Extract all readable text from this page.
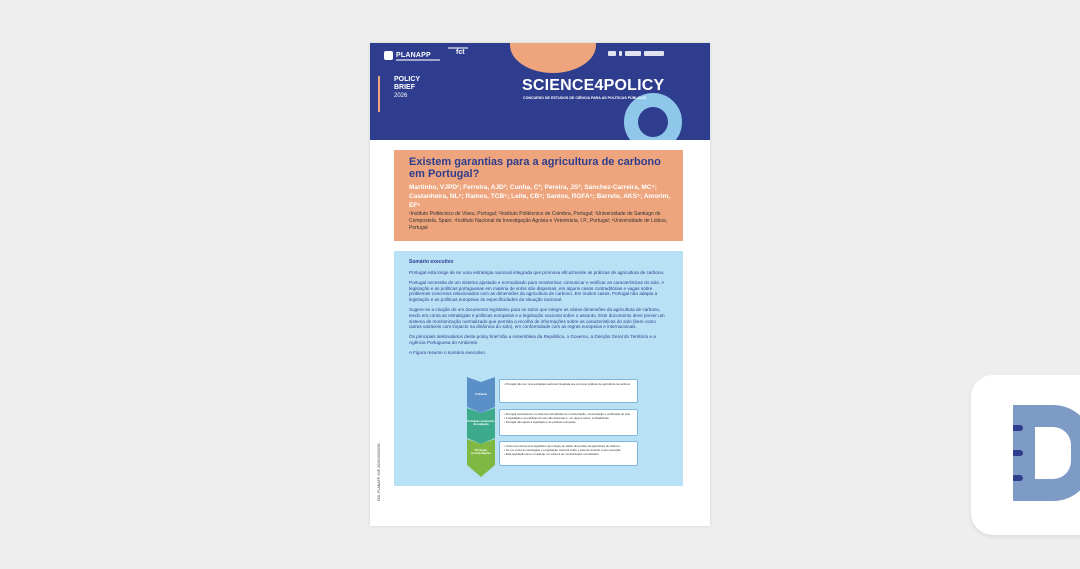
PLANAPP	fct
POLICY
BRIEF
2026
SCIENCE4POLICY
CONCURSO DE ESTUDOS DE CIÊNCIA PARA AS POLÍTICAS PÚBLICAS
Existem garantias para a agricultura de carbono em Portugal?
Martinho, VJPD¹; Ferreira, AJD²; Cunha, C³; Pereira, JS³; Sánchez-Carreira, MC⁴; Castanheira, NL⁵; Ramos, TCB⁵; Leite, CB⁵; Santos, RGFA⁵; Barreto, AKS⁵; Amorim, EF⁶
¹Instituto Politécnico de Viseu, Portugal; ²Instituto Politécnico de Coimbra, Portugal; ³Universidade de Santiago de Compostela, Spain; ⁴Instituto Nacional de Investigação Agrária e Veterinária, I.P., Portugal; ⁵Universidade de Lisboa, Portugal
DOI: PLANAPP-S4P-2026/00000000
Sumário executivo
Portugal está longe de ter uma estratégia nacional integrada que promova eficazmente as práticas de agricultura de carbono.
Portugal necessita de um sistema ajustado e normalizado para monitorizar, comunicar e verificar as características do solo. A legislação e as políticas portuguesas em matéria de solos são dispersas, em alguns casos contraditórias e vagas sobre problemas concretos relacionados com as dimensões da agricultura de carbono. Em muitos casos, Portugal não adapta a legislação e as políticas europeias às especificidades da situação nacional.
Sugere-se a criação de um documento legislativo para os solos que integre as várias dimensões da agricultura de carbono, tendo em conta as estratégias e políticas europeias e a legislação nacional sobre o assunto. Este documento deve prever um sistema de monitorização normalizado que permita a recolha de informações sobre as características do solo (bem como outras variáveis com impacto na dinâmica do solo), em conformidade com as regras europeias e internacionais.
Os principais destinatários deste policy brief são a Assembleia da República, o Governo, a Direção Geral do Território e a Agência Portuguesa do Ambiente.
A Figura resume o sumário executivo.
Problema
• Portugal não tem uma estratégia nacional integrada que promova práticas de agricultura de carbono.
Principais conclusões da avaliação
• Portugal necessita de um sistema normalizado de monitorização, comunicação e verificação do solo.
• A legislação e as políticas de solo são dispersas e, em alguns casos, contraditórias.
• Portugal não ajusta a legislação e as políticas europeias.
Principais recomendações
• Criar novo documento legislativo que integre as várias dimensões da agricultura de carbono.
• Ter em conta as estratégias e a legislação nacional sobre o assunto durante a sua conceção.
• Esta legislação deve considerar um sistema de monitorização normalizado.
